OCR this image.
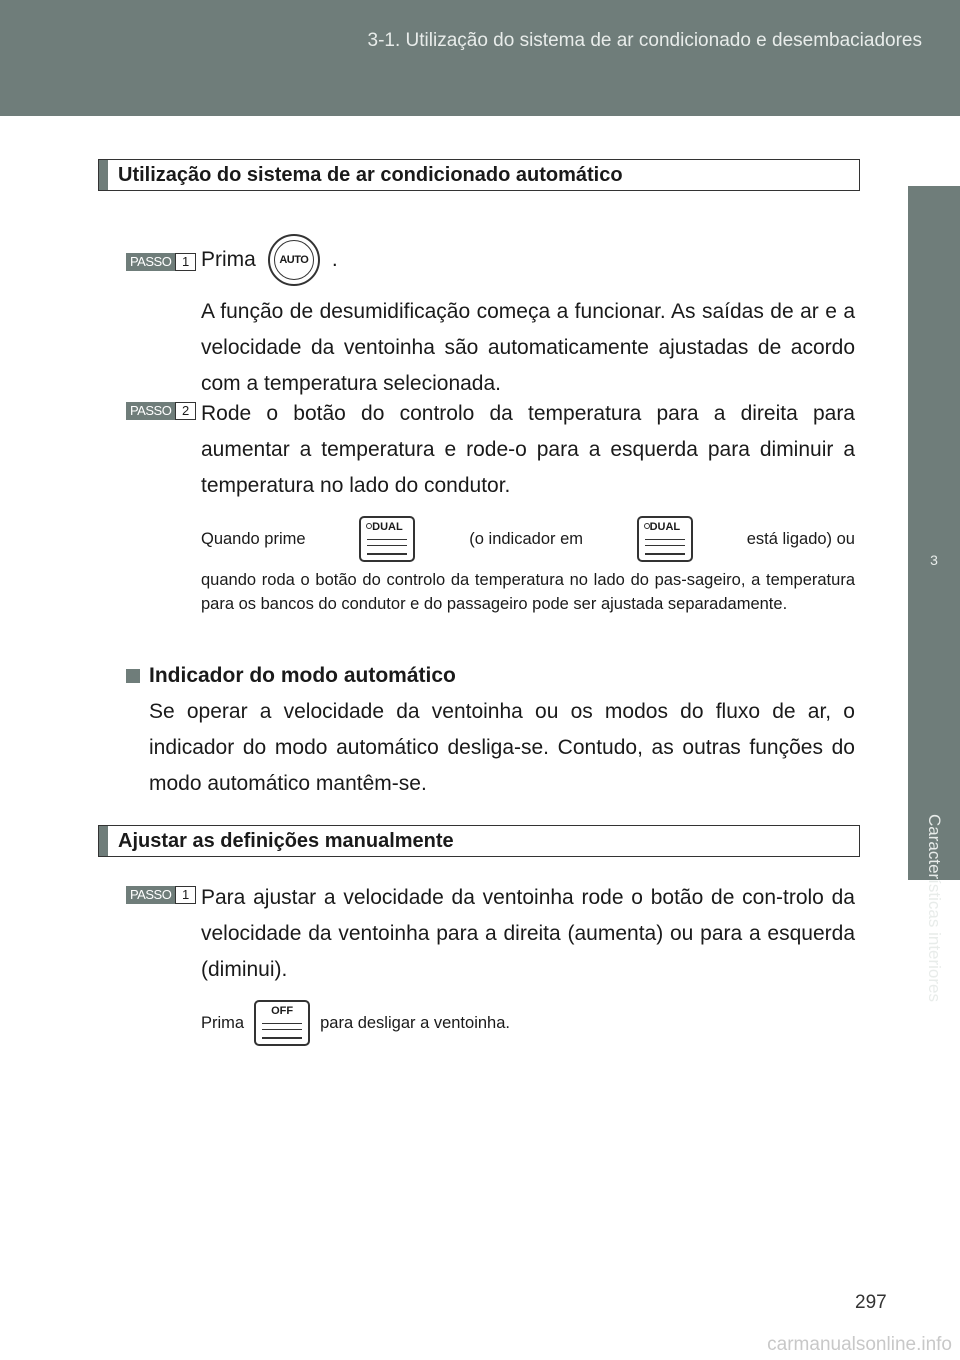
3-1. Utilização do sistema de ar condicionado e desembaciadores
3
Características interiores
Utilização do sistema de ar condicionado automático
PASSO 1 Prima AUTO .
A função de desumidificação começa a funcionar. As saídas de ar e a velocidade da ventoinha são automaticamente ajustadas de acordo com a temperatura selecionada.
PASSO 2 Rode o botão do controlo da temperatura para a direita para aumentar a temperatura e rode-o para a esquerda para diminuir a temperatura no lado do condutor.
Quando prime
DUAL
(o indicador em
DUAL
está ligado) ou
quando roda o botão do controlo da temperatura no lado do pas-sageiro, a temperatura para os bancos do condutor e do passageiro pode ser ajustada separadamente.
Indicador do modo automático
Se operar a velocidade da ventoinha ou os modos do fluxo de ar, o indicador do modo automático desliga-se. Contudo, as outras funções do modo automático mantêm-se.
Ajustar as definições manualmente
PASSO 1 Para ajustar a velocidade da ventoinha rode o botão de con-trolo da velocidade da ventoinha para a direita (aumenta) ou para a esquerda (diminui).
Prima
OFF
para desligar a ventoinha.
297
carmanualsonline.info
